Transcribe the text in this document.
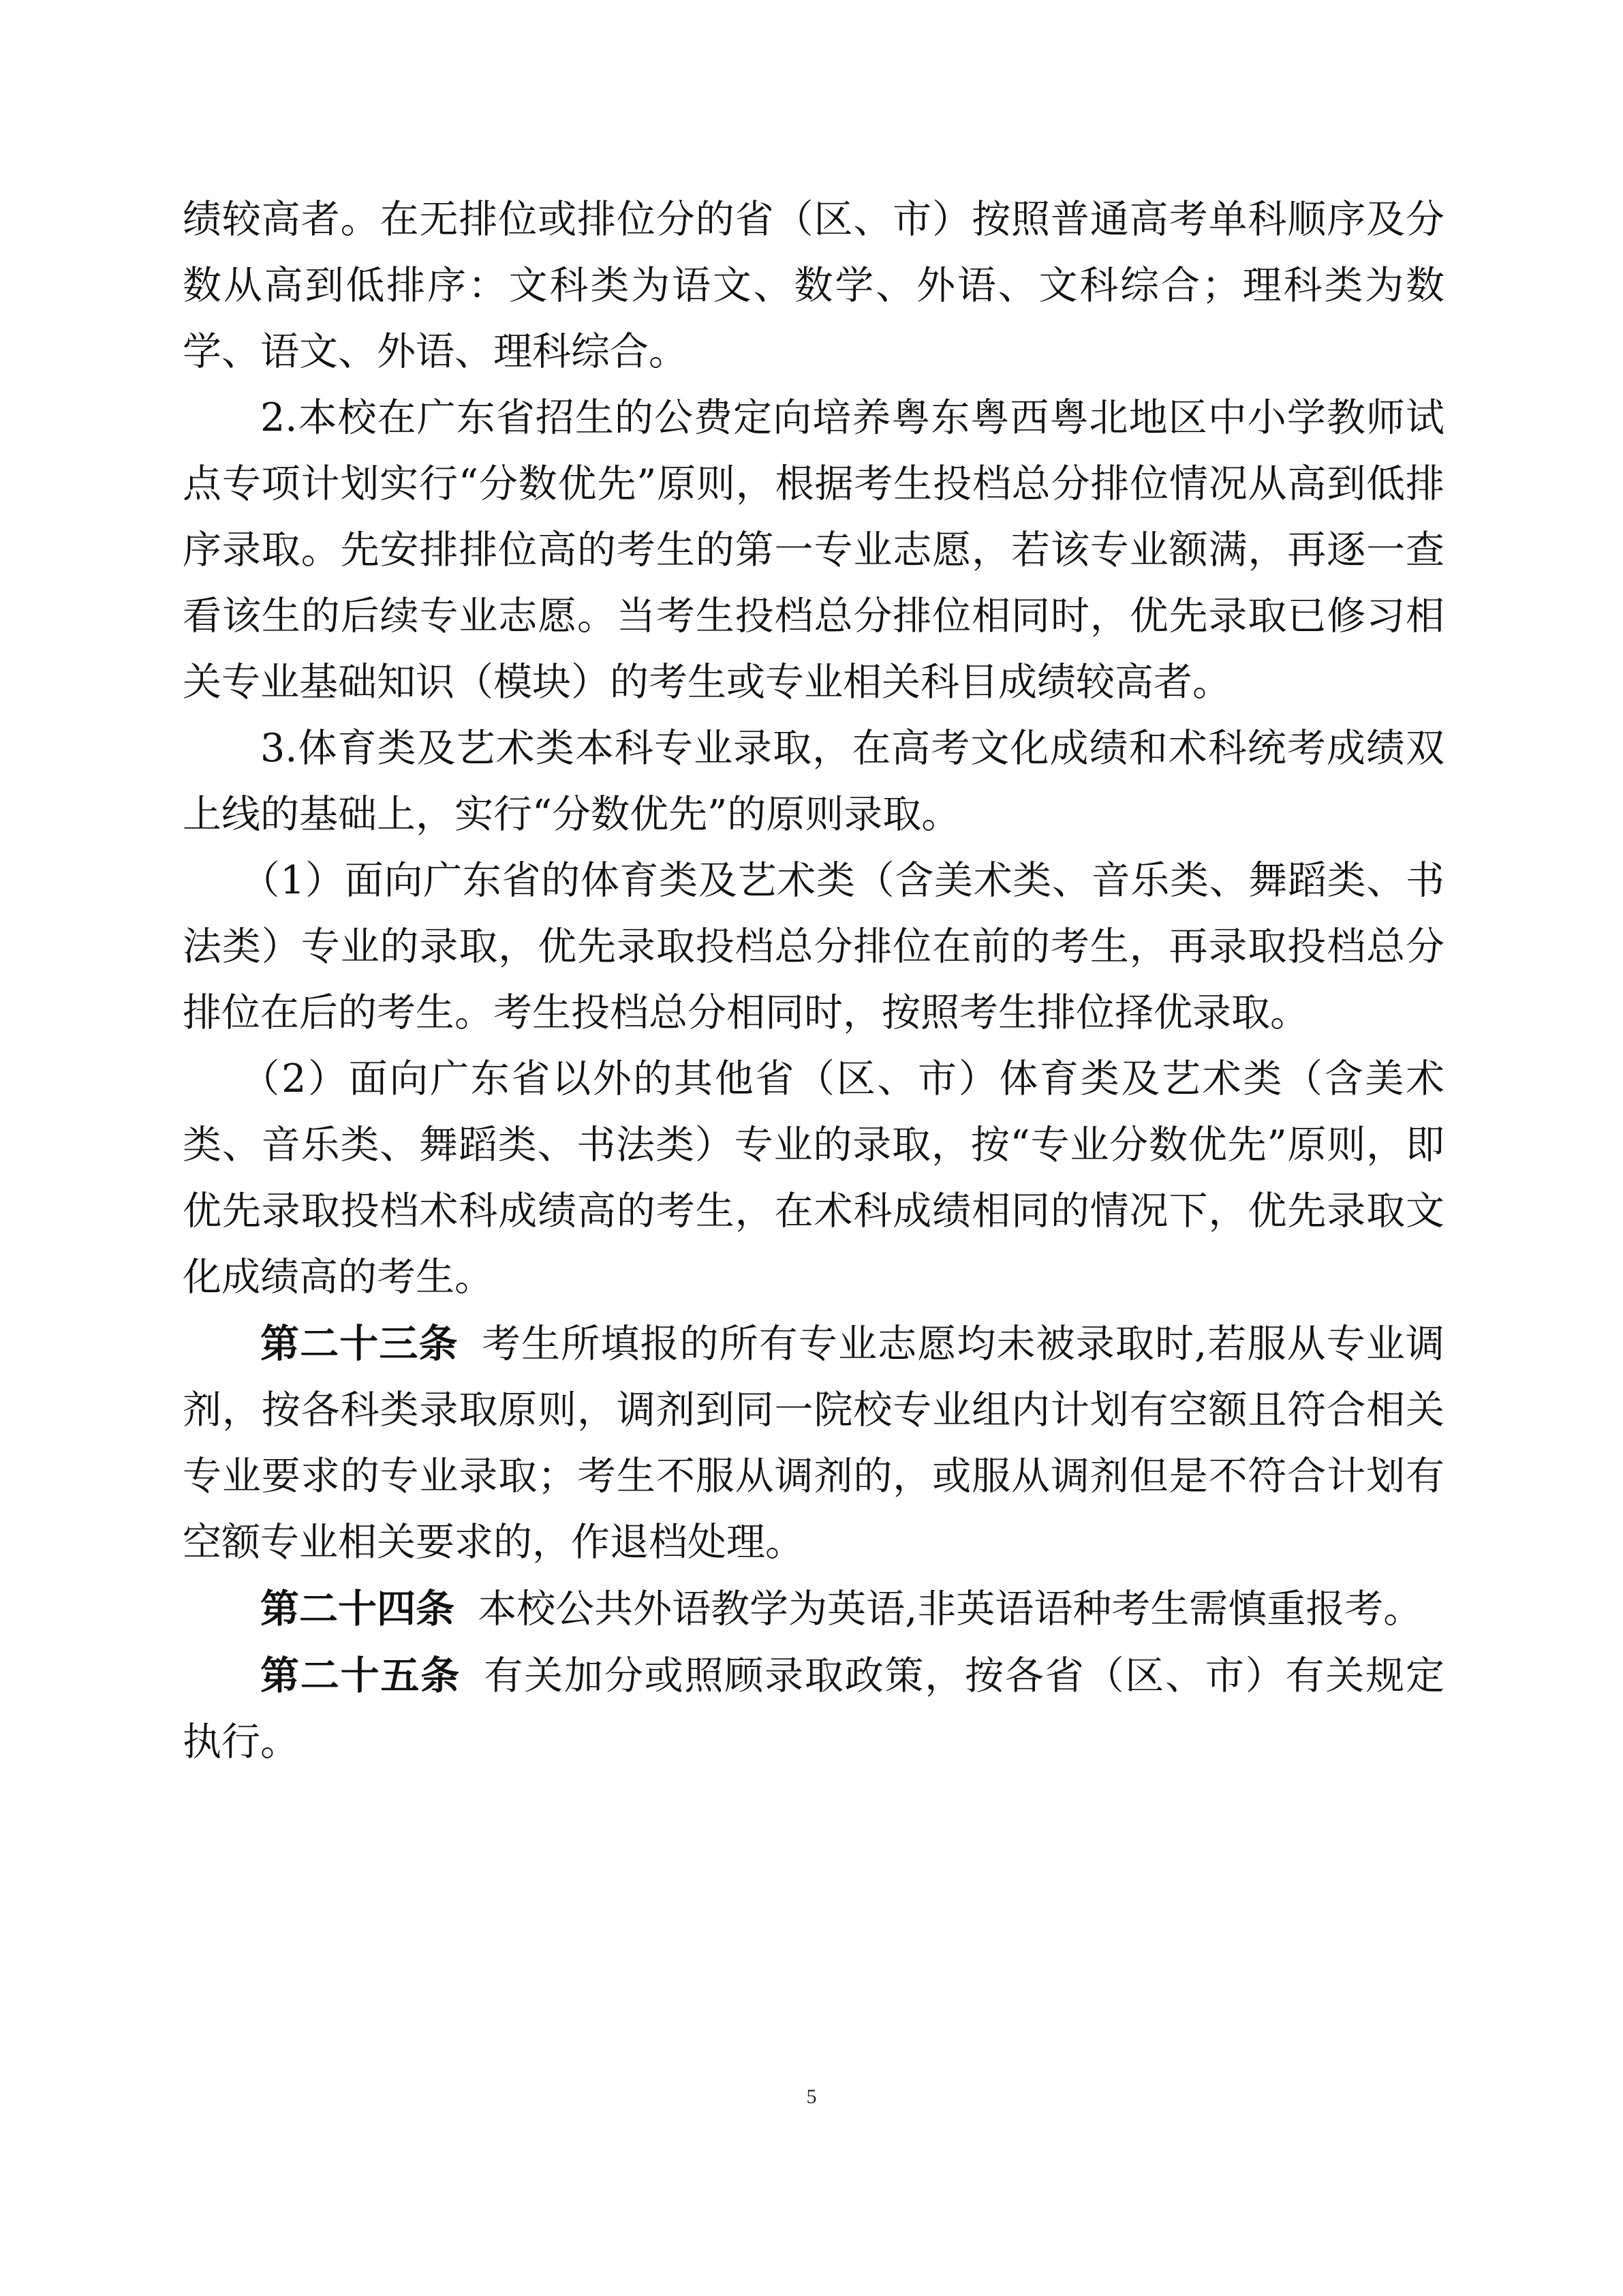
绩较高者。在无排位或排位分的省（区、市）按照普通高考单科顺序及分数从高到低排序：文科类为语文、数学、外语、文科综合；理科类为数学、语文、外语、理科综合。

2.本校在广东省招生的公费定向培养粤东粤西粤北地区中小学教师试点专项计划实行“分数优先”原则，根据考生投档总分排位情况从高到低排序录取。先安排排位高的考生的第一专业志愿，若该专业额满，再逐一查看该生的后续专业志愿。当考生投档总分排位相同时，优先录取已修习相关专业基础知识（模块）的考生或专业相关科目成绩较高者。

3.体育类及艺术类本科专业录取，在高考文化成绩和术科统考成绩双上线的基础上，实行“分数优先”的原则录取。

（1）面向广东省的体育类及艺术类（含美术类、音乐类、舞蹈类、书法类）专业的录取，优先录取投档总分排位在前的考生，再录取投档总分排位在后的考生。考生投档总分相同时，按照考生排位择优录取。

（2）面向广东省以外的其他省（区、市）体育类及艺术类（含美术类、音乐类、舞蹈类、书法类）专业的录取，按“专业分数优先”原则，即优先录取投档术科成绩高的考生，在术科成绩相同的情况下，优先录取文化成绩高的考生。

第二十三条 考生所填报的所有专业志愿均未被录取时,若服从专业调剂，按各科类录取原则，调剂到同一院校专业组内计划有空额且符合相关专业要求的专业录取；考生不服从调剂的，或服从调剂但是不符合计划有空额专业相关要求的，作退档处理。

第二十四条 本校公共外语教学为英语,非英语语种考生需慎重报考。

第二十五条 有关加分或照顾录取政策，按各省（区、市）有关规定执行。

5
